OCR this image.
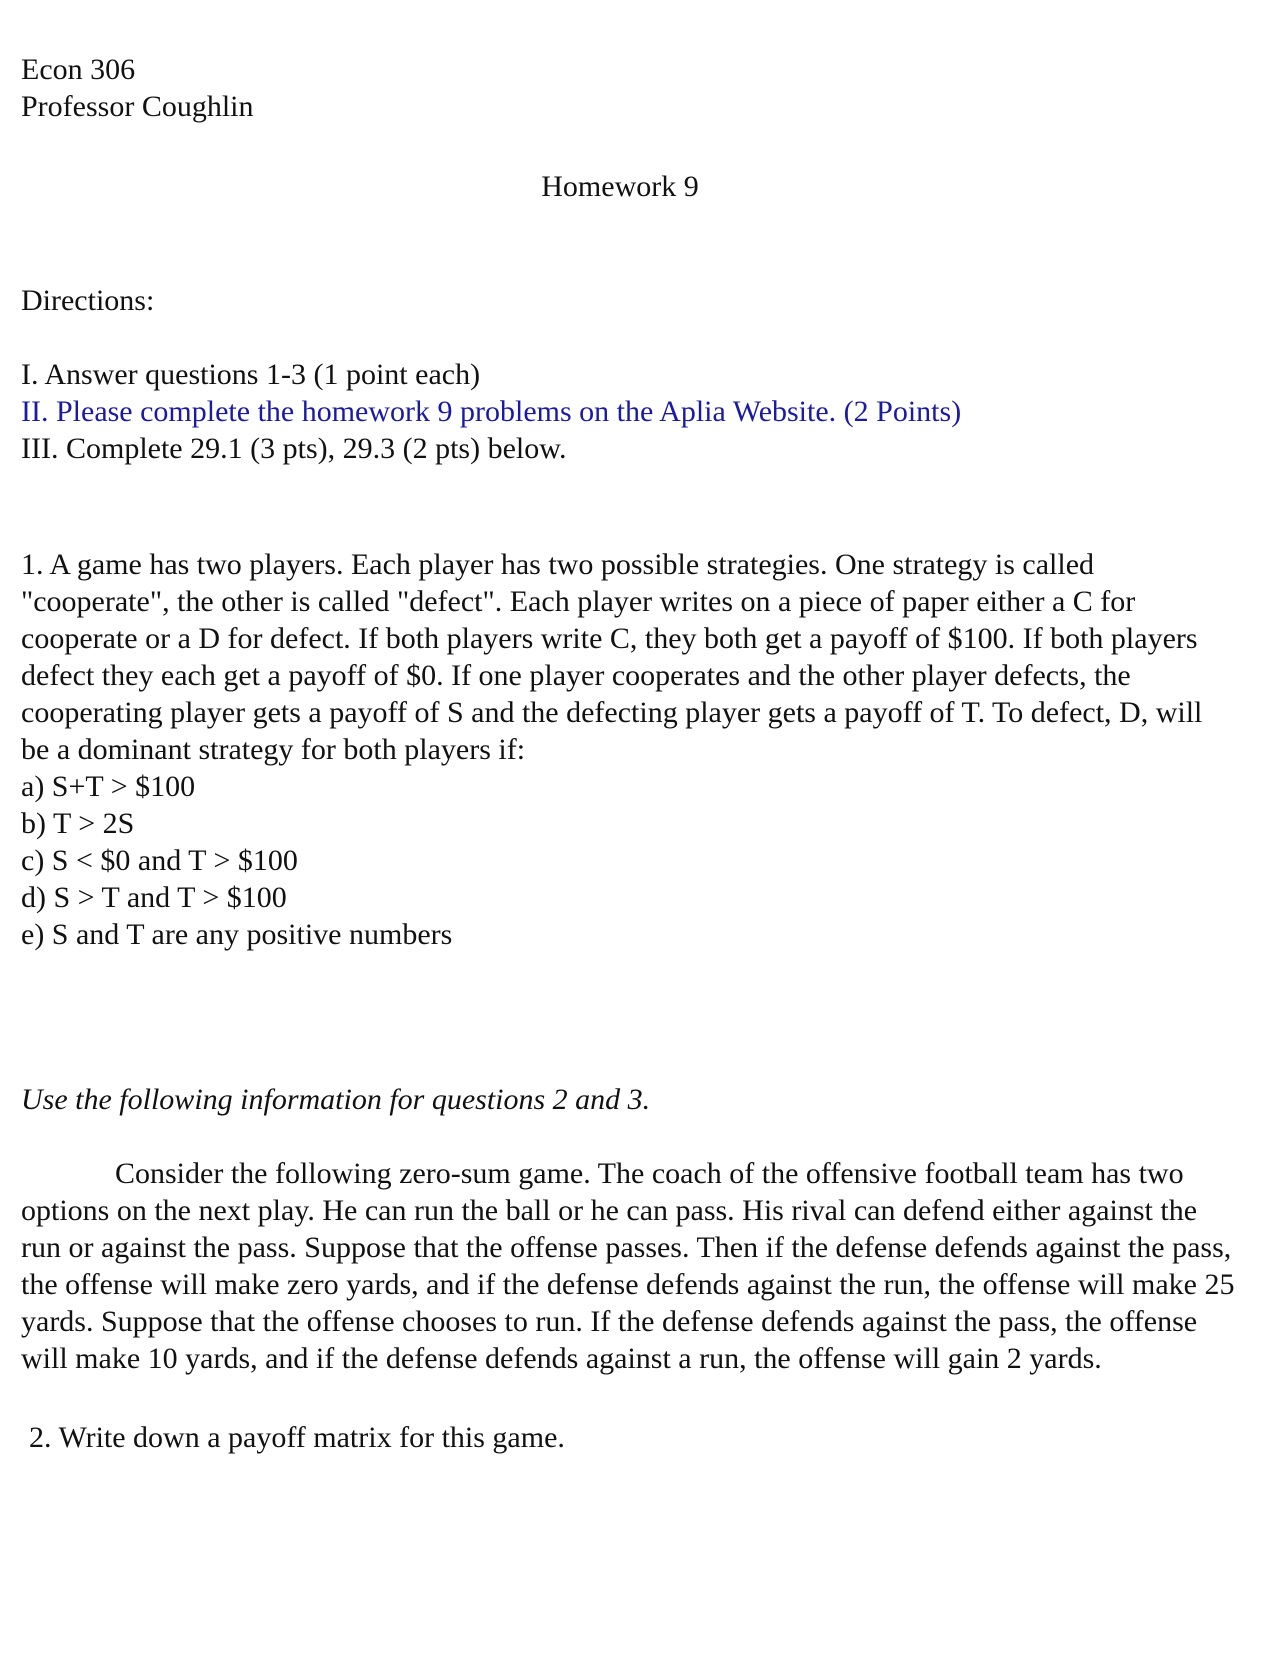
Econ 306
Professor Coughlin
Homework 9
Directions:
I. Answer questions 1-3 (1 point each)
II. Please complete the homework 9 problems on the Aplia Website. (2 Points)
III. Complete 29.1 (3 pts), 29.3 (2 pts) below.

1. A game has two players. Each player has two possible strategies. One strategy is called "cooperate", the other is called "defect". Each player writes on a piece of paper either a C for cooperate or a D for defect. If both players write C, they both get a payoff of $100. If both players defect they each get a payoff of $0. If one player cooperates and the other player defects, the cooperating player gets a payoff of S and the defecting player gets a payoff of T. To defect, D, will be a dominant strategy for both players if:

a) S+T > $100
b) T > 2S
c) S < $0 and T > $100
d) S > T and T > $100
e) S and T are any positive numbers
Use the following information for questions 2 and 3.

Consider the following zero-sum game. The coach of the offensive football team has two options on the next play. He can run the ball or he can pass. His rival can defend either against the run or against the pass. Suppose that the offense passes. Then if the defense defends against the pass, the offense will make zero yards, and if the defense defends against the run, the offense will make 25 yards. Suppose that the offense chooses to run. If the defense defends against the pass, the offense will make 10 yards, and if the defense defends against a run, the offense will gain 2 yards.

2. Write down a payoff matrix for this game.
